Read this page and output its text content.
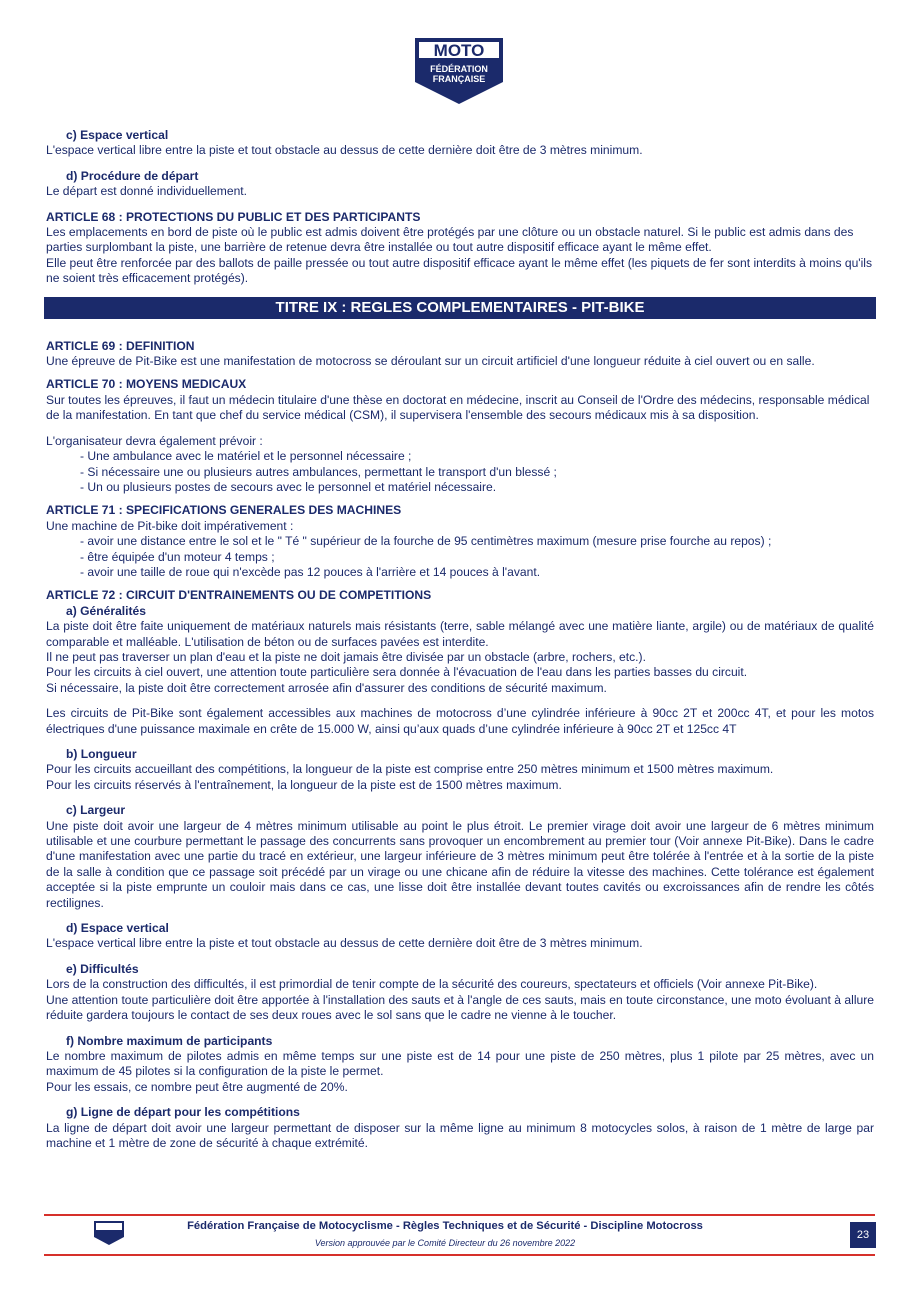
MOTO
FÉDÉRATION
FRANÇAISE
c) Espace vertical

L'espace vertical libre entre la piste et tout obstacle au dessus de cette dernière doit être de 3 mètres minimum.

d) Procédure de départ

Le départ est donné individuellement.

ARTICLE 68 : PROTECTIONS DU PUBLIC ET DES PARTICIPANTS

Les emplacements en bord de piste où le public est admis doivent être protégés par une clôture ou un obstacle naturel. Si le public est admis dans des parties surplombant la piste, une barrière de retenue devra être installée ou tout autre dispositif efficace ayant le même effet.

Elle peut être renforcée par des ballots de paille pressée ou tout autre dispositif efficace ayant le même effet (les piquets de fer sont interdits à moins qu'ils ne soient très efficacement protégés).

TITRE IX : REGLES COMPLEMENTAIRES - PIT-BIKE
ARTICLE 69 : DEFINITION

Une épreuve de Pit-Bike est une manifestation de motocross se déroulant sur un circuit artificiel d'une longueur réduite à ciel ouvert ou en salle.

ARTICLE 70 : MOYENS MEDICAUX

Sur toutes les épreuves, il faut un médecin titulaire d'une thèse en doctorat en médecine, inscrit au Conseil de l'Ordre des médecins, responsable médical de la manifestation. En tant que chef du service médical (CSM), il supervisera l'ensemble des secours médicaux mis à sa disposition.

L'organisateur devra également prévoir :

- Une ambulance avec le matériel et le personnel nécessaire ;
- Si nécessaire une ou plusieurs autres ambulances, permettant le transport d'un blessé ;
- Un ou plusieurs postes de secours avec le personnel et matériel nécessaire.
ARTICLE 71 : SPECIFICATIONS GENERALES DES MACHINES

Une machine de Pit-bike doit impérativement :

- avoir une distance entre le sol et le " Té " supérieur de la fourche de 95 centimètres maximum (mesure prise fourche au repos) ;
- être équipée d'un moteur 4 temps ;
- avoir une taille de roue qui n'excède pas 12 pouces à l'arrière et 14 pouces à l'avant.
ARTICLE 72 : CIRCUIT D'ENTRAINEMENTS OU DE COMPETITIONS
a) Généralités

La piste doit être faite uniquement de matériaux naturels mais résistants (terre, sable mélangé avec une matière liante, argile) ou de matériaux de qualité comparable et malléable. L'utilisation de béton ou de surfaces pavées est interdite.

Il ne peut pas traverser un plan d'eau et la piste ne doit jamais être divisée par un obstacle (arbre, rochers, etc.).

Pour les circuits à ciel ouvert, une attention toute particulière sera donnée à l'évacuation de l'eau dans les parties basses du circuit.

Si nécessaire, la piste doit être correctement arrosée afin d'assurer des conditions de sécurité maximum.

Les circuits de Pit-Bike sont également accessibles aux machines de motocross d’une cylindrée inférieure à 90cc 2T et 200cc 4T, et pour les motos électriques d'une puissance maximale en crête de 15.000 W, ainsi qu’aux quads d’une cylindrée inférieure à 90cc 2T et 125cc 4T

b) Longueur

Pour les circuits accueillant des compétitions, la longueur de la piste est comprise entre 250 mètres minimum et 1500 mètres maximum.

Pour les circuits réservés à l'entraînement, la longueur de la piste est de 1500 mètres maximum.

c) Largeur

Une piste doit avoir une largeur de 4 mètres minimum utilisable au point le plus étroit. Le premier virage doit avoir une largeur de 6 mètres minimum utilisable et une courbure permettant le passage des concurrents sans provoquer un encombrement au premier tour (Voir annexe Pit-Bike). Dans le cadre d'une manifestation avec une partie du tracé en extérieur, une largeur inférieure de 3 mètres minimum peut être tolérée à l'entrée et à la sortie de la piste de la salle à condition que ce passage soit précédé par un virage ou une chicane afin de réduire la vitesse des machines. Cette tolérance est également acceptée si la piste emprunte un couloir mais dans ce cas, une lisse doit être installée devant toutes cavités ou excroissances afin de rendre les côtés rectilignes.

d) Espace vertical

L'espace vertical libre entre la piste et tout obstacle au dessus de cette dernière doit être de 3 mètres minimum.

e) Difficultés

Lors de la construction des difficultés, il est primordial de tenir compte de la sécurité des coureurs, spectateurs et officiels (Voir annexe Pit-Bike).

Une attention toute particulière doit être apportée à l'installation des sauts et à l'angle de ces sauts, mais en toute circonstance, une moto évoluant à allure réduite gardera toujours le contact de ses deux roues avec le sol sans que le cadre ne vienne à le toucher.

f) Nombre maximum de participants

Le nombre maximum de pilotes admis en même temps sur une piste est de 14 pour une piste de 250 mètres, plus 1 pilote par 25 mètres, avec un maximum de 45 pilotes si la configuration de la piste le permet.

Pour les essais, ce nombre peut être augmenté de 20%.

g) Ligne de départ pour les compétitions

La ligne de départ doit avoir une largeur permettant de disposer sur la même ligne au minimum 8 motocycles solos, à raison de 1 mètre de large par machine et 1 mètre de zone de sécurité à chaque extrémité.

Fédération Française de Motocyclisme - Règles Techniques et de Sécurité - Discipline Motocross
Version approuvée par le Comité Directeur du 26 novembre 2022
23
